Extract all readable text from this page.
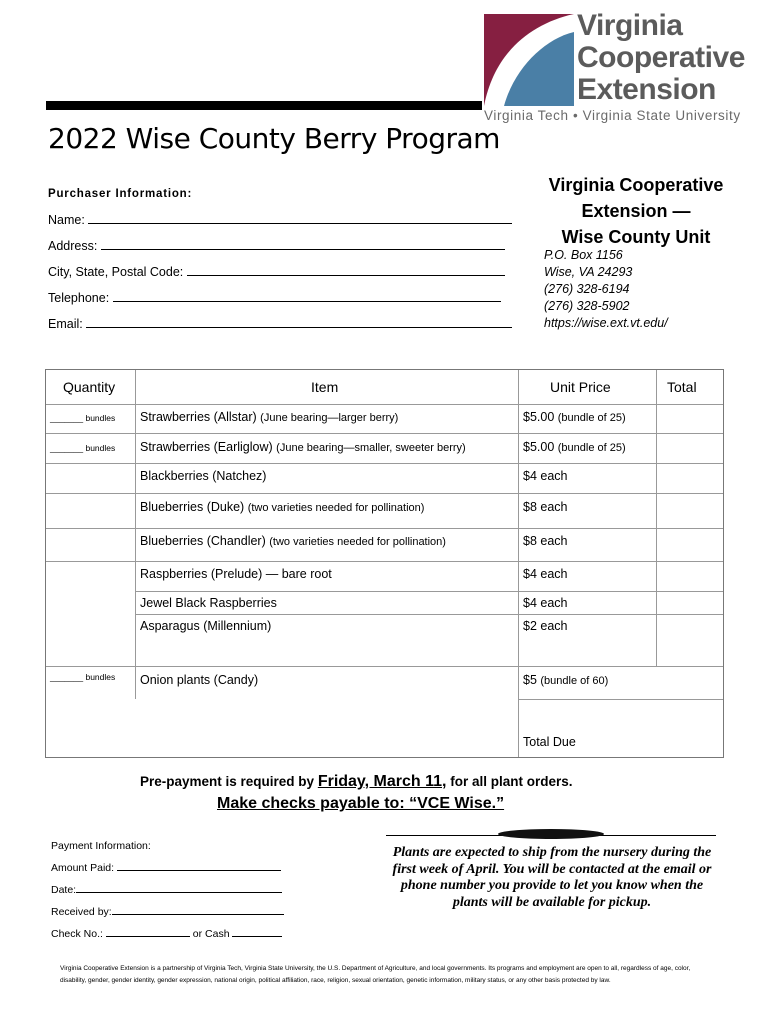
Virginia
Cooperative
Extension
Virginia Tech • Virginia State University
2022 Wise County Berry Program
Purchaser Information:
Name:
Address:
City, State, Postal Code:
Telephone:
Email:
Virginia Cooperative
Extension —
Wise County Unit
P.O. Box 1156
Wise, VA 24293
(276) 328-6194
(276) 328-5902
https://wise.ext.vt.edu/
Quantity	Item	Unit Price	Total
_______ bundles Strawberries (Allstar) (June bearing—larger berry)	$5.00 (bundle of 25)
_______ bundles Strawberries (Earliglow) (June bearing—smaller, sweeter berry)	$5.00 (bundle of 25)
Blackberries (Natchez)	$4 each
Blueberries (Duke) (two varieties needed for pollination)	$8 each
Blueberries (Chandler) (two varieties needed for pollination)	$8 each
Raspberries (Prelude) — bare root	$4 each
Jewel Black Raspberries	$4 each
Asparagus (Millennium)	$2 each
_______ bundles Onion plants (Candy)	$5 (bundle of 60)
Total Due
Pre-payment is required by Friday, March 11, for all plant orders.
Make checks payable to: “VCE Wise.”
Payment Information:
Amount Paid:
Date:
Received by:
Check No.:	or Cash
Plants are expected to ship from the nursery during the first week of April. You will be contacted at the email or phone number you provide to let you know when the plants will be available for pickup.
Virginia Cooperative Extension is a partnership of Virginia Tech, Virginia State University, the U.S. Department of Agriculture, and local governments. Its programs and employment are open to all, regardless of age, color, disability, gender, gender identity, gender expression, national origin, political affiliation, race, religion, sexual orientation, genetic information, military status, or any other basis protected by law.
